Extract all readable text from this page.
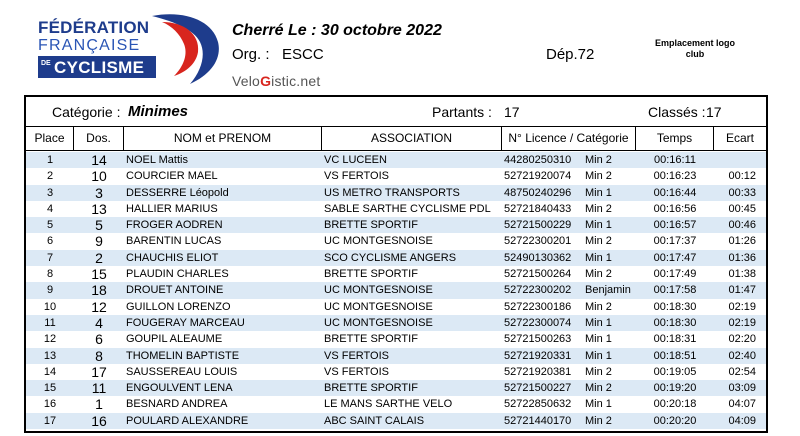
FÉDÉRATION
FRANÇAISE
DE CYCLISME
Cherré Le : 30 octobre 2022
Org. : ESCC	Dép.72
Emplacement logo club
VeloGistic.net
Catégorie : Minimes	Partants : 17	Classés : 17
Place	Dos.	NOM et PRENOM	ASSOCIATION	N° Licence / Catégorie	Temps	Ecart
1	14	NOEL Mattis	VC LUCEEN	44280250310 Min 2	00:16:11
2	10	COURCIER MAEL	VS FERTOIS	52721920074 Min 2	00:16:23	00:12
3	3	DESSERRE Léopold	US METRO TRANSPORTS	48750240296 Min 1	00:16:44	00:33
4	13	HALLIER MARIUS	SABLE SARTHE CYCLISME PDL 52721840433 Min 2	00:16:56	00:45
5	5	FROGER AODREN	BRETTE SPORTIF	52721500229 Min 1	00:16:57	00:46
6	9	BARENTIN LUCAS	UC MONTGESNOISE	52722300201 Min 2	00:17:37	01:26
7	2	CHAUCHIS ELIOT	SCO CYCLISME ANGERS	52490130362 Min 1	00:17:47	01:36
8	15	PLAUDIN CHARLES	BRETTE SPORTIF	52721500264 Min 2	00:17:49	01:38
9	18	DROUET ANTOINE	UC MONTGESNOISE	52722300202 Benjamin	00:17:58	01:47
10	12	GUILLON LORENZO	UC MONTGESNOISE	52722300186 Min 2	00:18:30	02:19
11	4	FOUGERAY MARCEAU	UC MONTGESNOISE	52722300074 Min 1	00:18:30	02:19
12	6	GOUPIL ALEAUME	BRETTE SPORTIF	52721500263 Min 1	00:18:31	02:20
13	8	THOMELIN BAPTISTE	VS FERTOIS	52721920331 Min 1	00:18:51	02:40
14	17	SAUSSEREAU LOUIS	VS FERTOIS	52721920381 Min 2	00:19:05	02:54
15	11	ENGOULVENT LENA	BRETTE SPORTIF	52721500227 Min 2	00:19:20	03:09
16	1	BESNARD ANDREA	LE MANS SARTHE VELO	52722850632 Min 1	00:20:18	04:07
17	16	POULARD ALEXANDRE	ABC SAINT CALAIS	52721440170 Min 2	00:20:20	04:09
